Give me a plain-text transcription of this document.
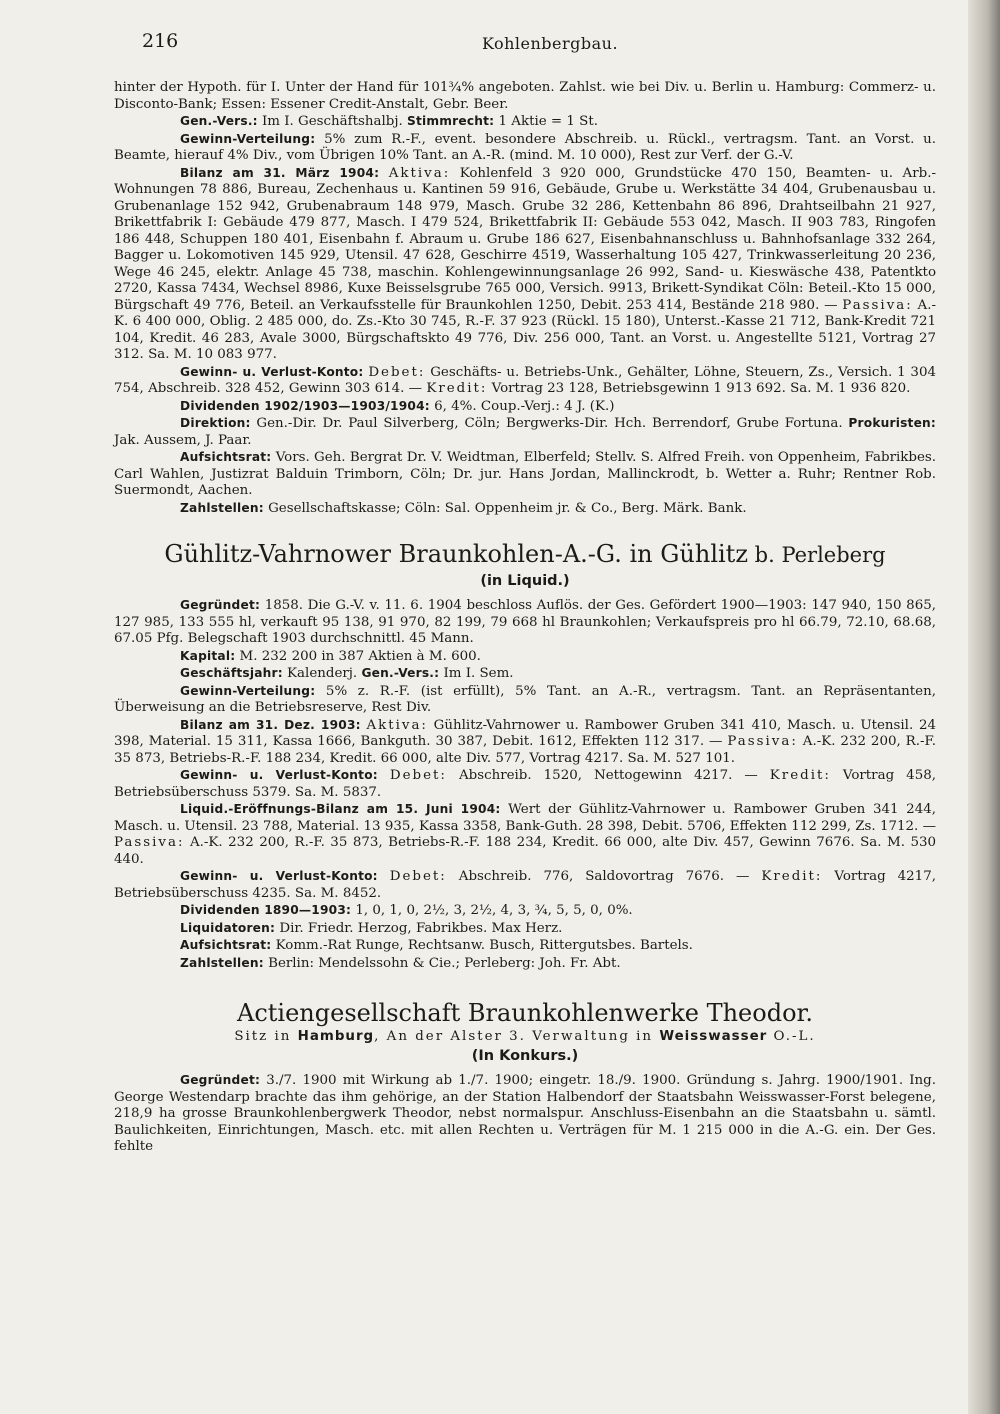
216	Kohlenbergbau.

hinter der Hypoth. für I. Unter der Hand für 101¾% angeboten. Zahlst. wie bei Div. u. Berlin u. Hamburg: Commerz- u. Disconto-Bank; Essen: Essener Credit-Anstalt, Gebr. Beer.

Gen.-Vers.: Im I. Geschäftshalbj. Stimmrecht: 1 Aktie = 1 St.

Gewinn-Verteilung: 5% zum R.-F., event. besondere Abschreib. u. Rückl., vertragsm. Tant. an Vorst. u. Beamte, hierauf 4% Div., vom Übrigen 10% Tant. an A.-R. (mind. M. 10 000), Rest zur Verf. der G.-V.

Bilanz am 31. März 1904: Aktiva: Kohlenfeld 3 920 000, Grundstücke 470 150, Beamten- u. Arb.-Wohnungen 78 886, Bureau, Zechenhaus u. Kantinen 59 916, Gebäude, Grube u. Werkstätte 34 404, Grubenausbau u. Grubenanlage 152 942, Grubenabraum 148 979, Masch. Grube 32 286, Kettenbahn 86 896, Drahtseilbahn 21 927, Brikettfabrik I: Gebäude 479 877, Masch. I 479 524, Brikettfabrik II: Gebäude 553 042, Masch. II 903 783, Ringofen 186 448, Schuppen 180 401, Eisenbahn f. Abraum u. Grube 186 627, Eisenbahnanschluss u. Bahnhofsanlage 332 264, Bagger u. Lokomotiven 145 929, Utensil. 47 628, Geschirre 4519, Wasserhaltung 105 427, Trinkwasserleitung 20 236, Wege 46 245, elektr. Anlage 45 738, maschin. Kohlengewinnungsanlage 26 992, Sand- u. Kieswäsche 438, Patentkto 2720, Kassa 7434, Wechsel 8986, Kuxe Beisselsgrube 765 000, Versich. 9913, Brikett-Syndikat Cöln: Beteil.-Kto 15 000, Bürgschaft 49 776, Beteil. an Verkaufsstelle für Braunkohlen 1250, Debit. 253 414, Bestände 218 980. — Passiva: A.-K. 6 400 000, Oblig. 2 485 000, do. Zs.-Kto 30 745, R.-F. 37 923 (Rückl. 15 180), Unterst.-Kasse 21 712, Bank-Kredit 721 104, Kredit. 46 283, Avale 3000, Bürgschaftskto 49 776, Div. 256 000, Tant. an Vorst. u. Angestellte 5121, Vortrag 27 312. Sa. M. 10 083 977.

Gewinn- u. Verlust-Konto: Debet: Geschäfts- u. Betriebs-Unk., Gehälter, Löhne, Steuern, Zs., Versich. 1 304 754, Abschreib. 328 452, Gewinn 303 614. — Kredit: Vortrag 23 128, Betriebsgewinn 1 913 692. Sa. M. 1 936 820.

Dividenden 1902/1903—1903/1904: 6, 4%. Coup.-Verj.: 4 J. (K.)

Direktion: Gen.-Dir. Dr. Paul Silverberg, Cöln; Bergwerks-Dir. Hch. Berrendorf, Grube Fortuna. Prokuristen: Jak. Aussem, J. Paar.

Aufsichtsrat: Vors. Geh. Bergrat Dr. V. Weidtman, Elberfeld; Stellv. S. Alfred Freih. von Oppenheim, Fabrikbes. Carl Wahlen, Justizrat Balduin Trimborn, Cöln; Dr. jur. Hans Jordan, Mallinckrodt, b. Wetter a. Ruhr; Rentner Rob. Suermondt, Aachen.

Zahlstellen: Gesellschaftskasse; Cöln: Sal. Oppenheim jr. & Co., Berg. Märk. Bank.

Gühlitz-Vahrnower Braunkohlen-A.-G. in Gühlitz b. Perleberg
(in Liquid.)

Gegründet: 1858. Die G.-V. v. 11. 6. 1904 beschloss Auflös. der Ges. Gefördert 1900—1903: 147 940, 150 865, 127 985, 133 555 hl, verkauft 95 138, 91 970, 82 199, 79 668 hl Braunkohlen; Verkaufspreis pro hl 66.79, 72.10, 68.68, 67.05 Pfg. Belegschaft 1903 durchschnittl. 45 Mann.

Kapital: M. 232 200 in 387 Aktien à M. 600.

Geschäftsjahr: Kalenderj. Gen.-Vers.: Im I. Sem.

Gewinn-Verteilung: 5% z. R.-F. (ist erfüllt), 5% Tant. an A.-R., vertragsm. Tant. an Repräsentanten, Überweisung an die Betriebsreserve, Rest Div.

Bilanz am 31. Dez. 1903: Aktiva: Gühlitz-Vahrnower u. Rambower Gruben 341 410, Masch. u. Utensil. 24 398, Material. 15 311, Kassa 1666, Bankguth. 30 387, Debit. 1612, Effekten 112 317. — Passiva: A.-K. 232 200, R.-F. 35 873, Betriebs-R.-F. 188 234, Kredit. 66 000, alte Div. 577, Vortrag 4217. Sa. M. 527 101.

Gewinn- u. Verlust-Konto: Debet: Abschreib. 1520, Nettogewinn 4217. — Kredit: Vortrag 458, Betriebsüberschuss 5379. Sa. M. 5837.

Liquid.-Eröffnungs-Bilanz am 15. Juni 1904: Wert der Gühlitz-Vahrnower u. Rambower Gruben 341 244, Masch. u. Utensil. 23 788, Material. 13 935, Kassa 3358, Bank-Guth. 28 398, Debit. 5706, Effekten 112 299, Zs. 1712. — Passiva: A.-K. 232 200, R.-F. 35 873, Betriebs-R.-F. 188 234, Kredit. 66 000, alte Div. 457, Gewinn 7676. Sa. M. 530 440.

Gewinn- u. Verlust-Konto: Debet: Abschreib. 776, Saldovortrag 7676. — Kredit: Vortrag 4217, Betriebsüberschuss 4235. Sa. M. 8452.

Dividenden 1890—1903: 1, 0, 1, 0, 2½, 3, 2½, 4, 3, ¾, 5, 5, 0, 0%.

Liquidatoren: Dir. Friedr. Herzog, Fabrikbes. Max Herz.

Aufsichtsrat: Komm.-Rat Runge, Rechtsanw. Busch, Rittergutsbes. Bartels.

Zahlstellen: Berlin: Mendelssohn & Cie.; Perleberg: Joh. Fr. Abt.

Actiengesellschaft Braunkohlenwerke Theodor.
Sitz in Hamburg, An der Alster 3. Verwaltung in Weisswasser O.-L.
(In Konkurs.)

Gegründet: 3./7. 1900 mit Wirkung ab 1./7. 1900; eingetr. 18./9. 1900. Gründung s. Jahrg. 1900/1901. Ing. George Westendarp brachte das ihm gehörige, an der Station Halbendorf der Staatsbahn Weisswasser-Forst belegene, 218,9 ha grosse Braunkohlenbergwerk Theodor, nebst normalspur. Anschluss-Eisenbahn an die Staatsbahn u. sämtl. Baulichkeiten, Einrichtungen, Masch. etc. mit allen Rechten u. Verträgen für M. 1 215 000 in die A.-G. ein. Der Ges. fehlte
